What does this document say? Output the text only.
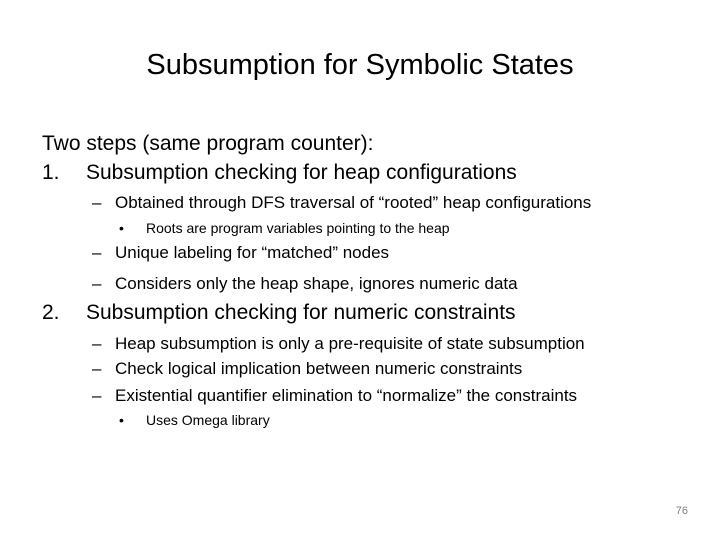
Subsumption for Symbolic States
Two steps (same program counter):
1. Subsumption checking for heap configurations
– Obtained through DFS traversal of “rooted” heap configurations
• Roots are program variables pointing to the heap
– Unique labeling for “matched” nodes
– Considers only the heap shape, ignores numeric data
2. Subsumption checking for numeric constraints
– Heap subsumption is only a pre-requisite of state subsumption
– Check logical implication between numeric constraints
– Existential quantifier elimination to “normalize” the constraints
• Uses Omega library
76
